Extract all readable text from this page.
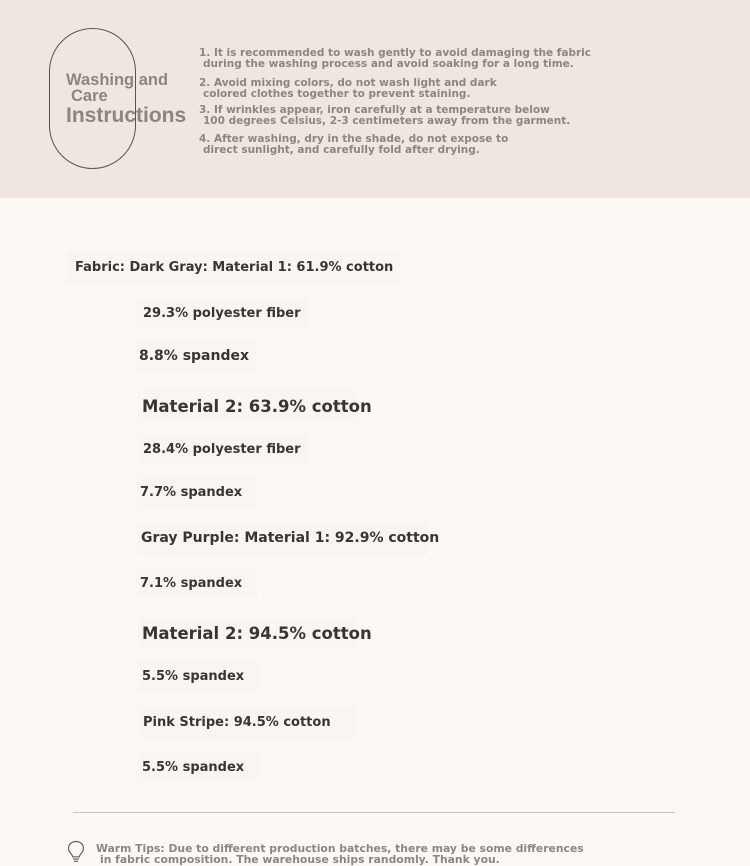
Washing and
Care
Instructions
1. It is recommended to wash gently to avoid damaging the fabric
during the washing process and avoid soaking for a long time.
2. Avoid mixing colors, do not wash light and dark
colored clothes together to prevent staining.
3. If wrinkles appear, iron carefully at a temperature below
100 degrees Celsius, 2-3 centimeters away from the garment.
4. After washing, dry in the shade, do not expose to
direct sunlight, and carefully fold after drying.
Fabric: Dark Gray: Material 1: 61.9% cotton
29.3% polyester fiber
8.8% spandex
Material 2: 63.9% cotton
28.4% polyester fiber
7.7% spandex
Gray Purple: Material 1: 92.9% cotton
7.1% spandex
Material 2: 94.5% cotton
5.5% spandex
Pink Stripe: 94.5% cotton
5.5% spandex
Warm Tips: Due to different production batches, there may be some differences
in fabric composition. The warehouse ships randomly. Thank you.
